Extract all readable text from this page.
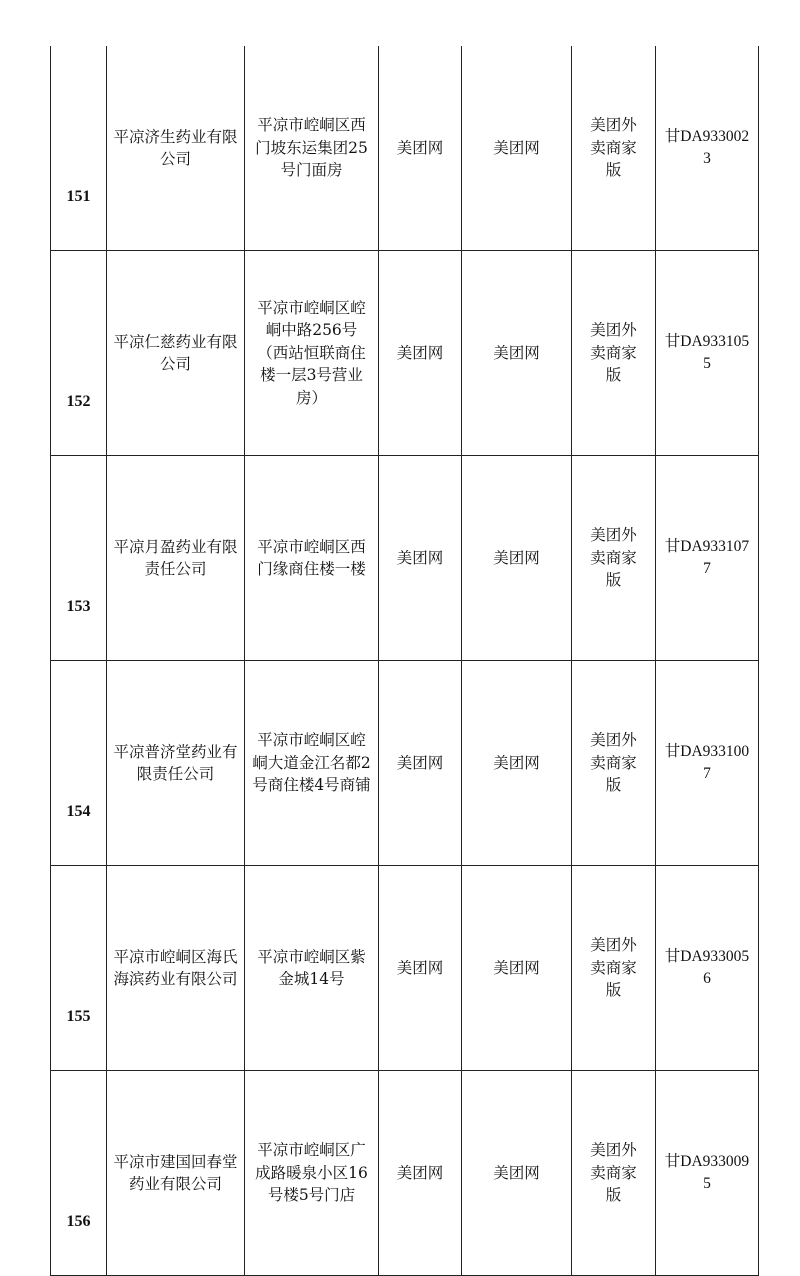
151	平凉济生药业有限公司	平凉市崆峒区西门坡东运集团25号门面房	美团网	美团网	美团外卖商家版	甘DA9330023
152	平凉仁慈药业有限公司	平凉市崆峒区崆峒中路256号（西站恒联商住楼一层3号营业房）	美团网	美团网	美团外卖商家版	甘DA9331055
153	平凉月盈药业有限责任公司	平凉市崆峒区西门缘商住楼一楼	美团网	美团网	美团外卖商家版	甘DA9331077
154	平凉普济堂药业有限责任公司	平凉市崆峒区崆峒大道金江名都2号商住楼4号商铺	美团网	美团网	美团外卖商家版	甘DA9331007
155	平凉市崆峒区海氏海滨药业有限公司	平凉市崆峒区紫金城14号	美团网	美团网	美团外卖商家版	甘DA9330056
156	平凉市建国回春堂药业有限公司	平凉市崆峒区广成路暖泉小区16号楼5号门店	美团网	美团网	美团外卖商家版	甘DA9330095
